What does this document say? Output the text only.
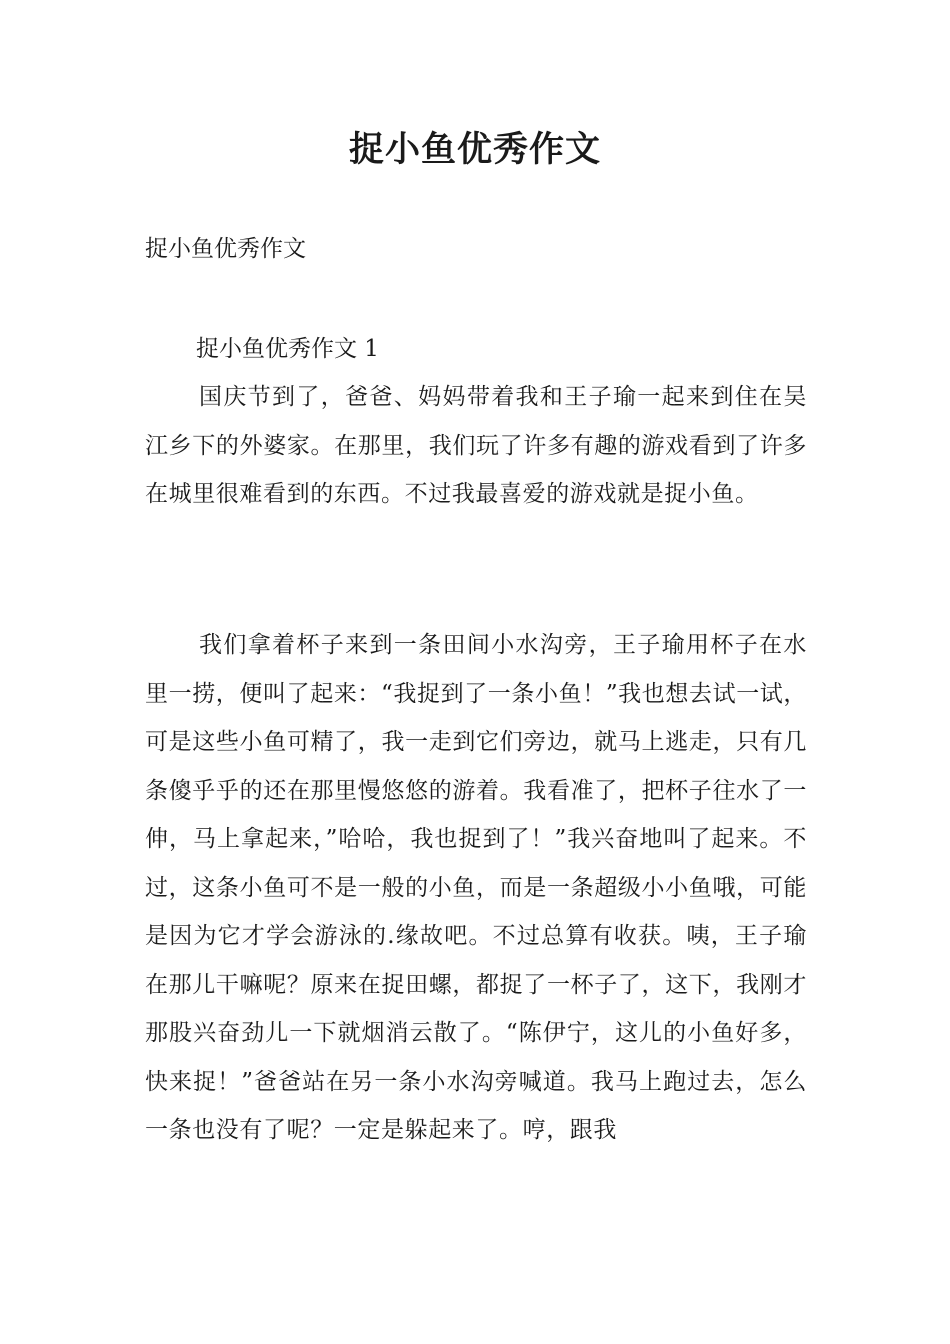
捉小鱼优秀作文
捉小鱼优秀作文
捉小鱼优秀作文 1

国庆节到了，爸爸、妈妈带着我和王子瑜一起来到住在吴江乡下的外婆家。在那里，我们玩了许多有趣的游戏看到了许多在城里很难看到的东西。不过我最喜爱的游戏就是捉小鱼。

我们拿着杯子来到一条田间小水沟旁，王子瑜用杯子在水里一捞，便叫了起来：“我捉到了一条小鱼！”我也想去试一试，可是这些小鱼可精了，我一走到它们旁边，就马上逃走，只有几条傻乎乎的还在那里慢悠悠的游着。我看准了，把杯子往水了一伸，马上拿起来，”哈哈，我也捉到了！”我兴奋地叫了起来。不过，这条小鱼可不是一般的小鱼，而是一条超级小小鱼哦，可能是因为它才学会游泳的.缘故吧。不过总算有收获。咦，王子瑜在那儿干嘛呢？原来在捉田螺，都捉了一杯子了，这下，我刚才那股兴奋劲儿一下就烟消云散了。“陈伊宁，这儿的小鱼好多，快来捉！”爸爸站在另一条小水沟旁喊道。我马上跑过去，怎么一条也没有了呢？一定是躲起来了。哼，跟我
